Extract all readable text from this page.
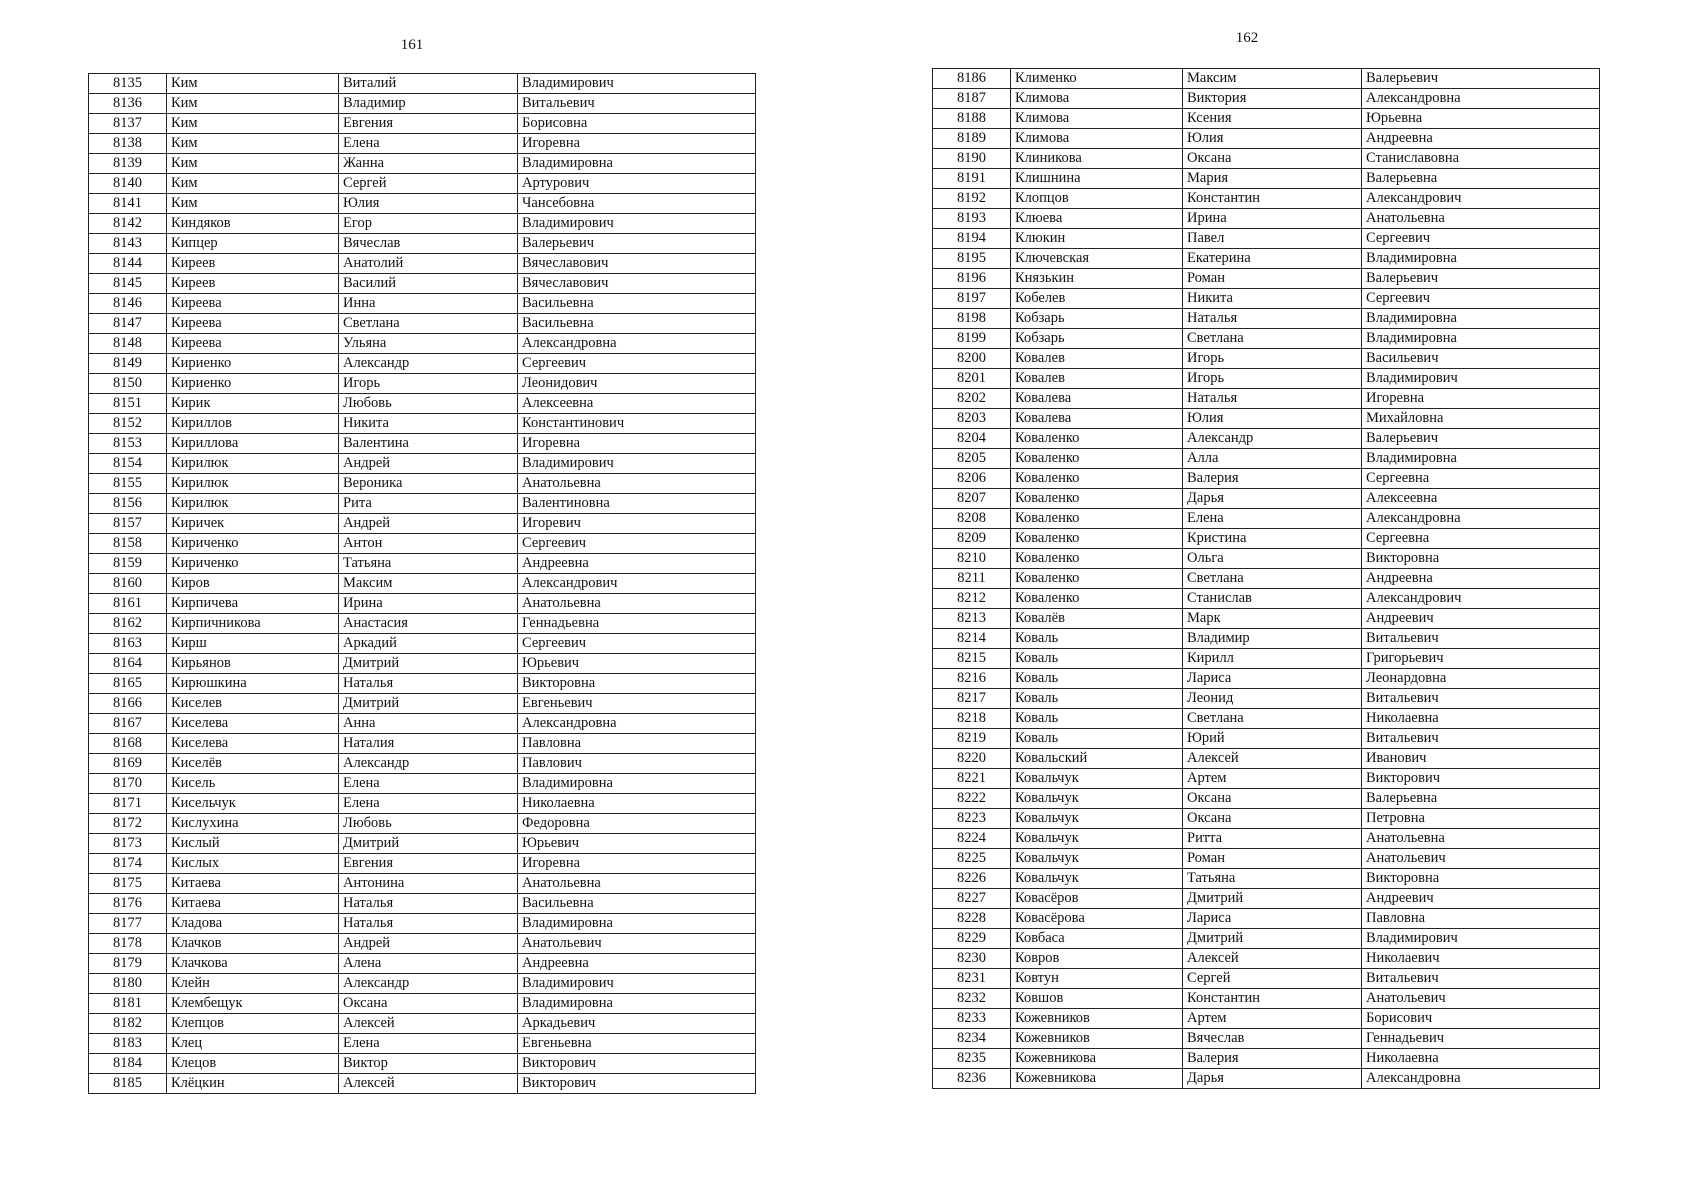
161	162
8135	Ким	Виталий	Владимирович
8136	Ким	Владимир	Витальевич
8137	Ким	Евгения	Борисовна
8138	Ким	Елена	Игоревна
8139	Ким	Жанна	Владимировна
8140	Ким	Сергей	Артурович
8141	Ким	Юлия	Чансебовна
8142	Киндяков	Егор	Владимирович
8143	Кипцер	Вячеслав	Валерьевич
8144	Киреев	Анатолий	Вячеславович
8145	Киреев	Василий	Вячеславович
8146	Киреева	Инна	Васильевна
8147	Киреева	Светлана	Васильевна
8148	Киреева	Ульяна	Александровна
8149	Кириенко	Александр	Сергеевич
8150	Кириенко	Игорь	Леонидович
8151	Кирик	Любовь	Алексеевна
8152	Кириллов	Никита	Константинович
8153	Кириллова	Валентина	Игоревна
8154	Кирилюк	Андрей	Владимирович
8155	Кирилюк	Вероника	Анатольевна
8156	Кирилюк	Рита	Валентиновна
8157	Киричек	Андрей	Игоревич
8158	Кириченко	Антон	Сергеевич
8159	Кириченко	Татьяна	Андреевна
8160	Киров	Максим	Александрович
8161	Кирпичева	Ирина	Анатольевна
8162	Кирпичникова	Анастасия	Геннадьевна
8163	Кирш	Аркадий	Сергеевич
8164	Кирьянов	Дмитрий	Юрьевич
8165	Кирюшкина	Наталья	Викторовна
8166	Киселев	Дмитрий	Евгеньевич
8167	Киселева	Анна	Александровна
8168	Киселева	Наталия	Павловна
8169	Киселёв	Александр	Павлович
8170	Кисель	Елена	Владимировна
8171	Кисельчук	Елена	Николаевна
8172	Кислухина	Любовь	Федоровна
8173	Кислый	Дмитрий	Юрьевич
8174	Кислых	Евгения	Игоревна
8175	Китаева	Антонина	Анатольевна
8176	Китаева	Наталья	Васильевна
8177	Кладова	Наталья	Владимировна
8178	Клачков	Андрей	Анатольевич
8179	Клачкова	Алена	Андреевна
8180	Клейн	Александр	Владимирович
8181	Клембещук	Оксана	Владимировна
8182	Клепцов	Алексей	Аркадьевич
8183	Клец	Елена	Евгеньевна
8184	Клецов	Виктор	Викторович
8185	Клёцкин	Алексей	Викторович
8186	Клименко	Максим	Валерьевич
8187	Климова	Виктория	Александровна
8188	Климова	Ксения	Юрьевна
8189	Климова	Юлия	Андреевна
8190	Клиникова	Оксана	Станиславовна
8191	Клишнина	Мария	Валерьевна
8192	Клопцов	Константин	Александрович
8193	Клюева	Ирина	Анатольевна
8194	Клюкин	Павел	Сергеевич
8195	Ключевская	Екатерина	Владимировна
8196	Князькин	Роман	Валерьевич
8197	Кобелев	Никита	Сергеевич
8198	Кобзарь	Наталья	Владимировна
8199	Кобзарь	Светлана	Владимировна
8200	Ковалев	Игорь	Васильевич
8201	Ковалев	Игорь	Владимирович
8202	Ковалева	Наталья	Игоревна
8203	Ковалева	Юлия	Михайловна
8204	Коваленко	Александр	Валерьевич
8205	Коваленко	Алла	Владимировна
8206	Коваленко	Валерия	Сергеевна
8207	Коваленко	Дарья	Алексеевна
8208	Коваленко	Елена	Александровна
8209	Коваленко	Кристина	Сергеевна
8210	Коваленко	Ольга	Викторовна
8211	Коваленко	Светлана	Андреевна
8212	Коваленко	Станислав	Александрович
8213	Ковалёв	Марк	Андреевич
8214	Коваль	Владимир	Витальевич
8215	Коваль	Кирилл	Григорьевич
8216	Коваль	Лариса	Леонардовна
8217	Коваль	Леонид	Витальевич
8218	Коваль	Светлана	Николаевна
8219	Коваль	Юрий	Витальевич
8220	Ковальский	Алексей	Иванович
8221	Ковальчук	Артем	Викторович
8222	Ковальчук	Оксана	Валерьевна
8223	Ковальчук	Оксана	Петровна
8224	Ковальчук	Ритта	Анатольевна
8225	Ковальчук	Роман	Анатольевич
8226	Ковальчук	Татьяна	Викторовна
8227	Ковасёров	Дмитрий	Андреевич
8228	Ковасёрова	Лариса	Павловна
8229	Ковбаса	Дмитрий	Владимирович
8230	Ковров	Алексей	Николаевич
8231	Ковтун	Сергей	Витальевич
8232	Ковшов	Константин	Анатольевич
8233	Кожевников	Артем	Борисович
8234	Кожевников	Вячеслав	Геннадьевич
8235	Кожевникова	Валерия	Николаевна
8236	Кожевникова	Дарья	Александровна
